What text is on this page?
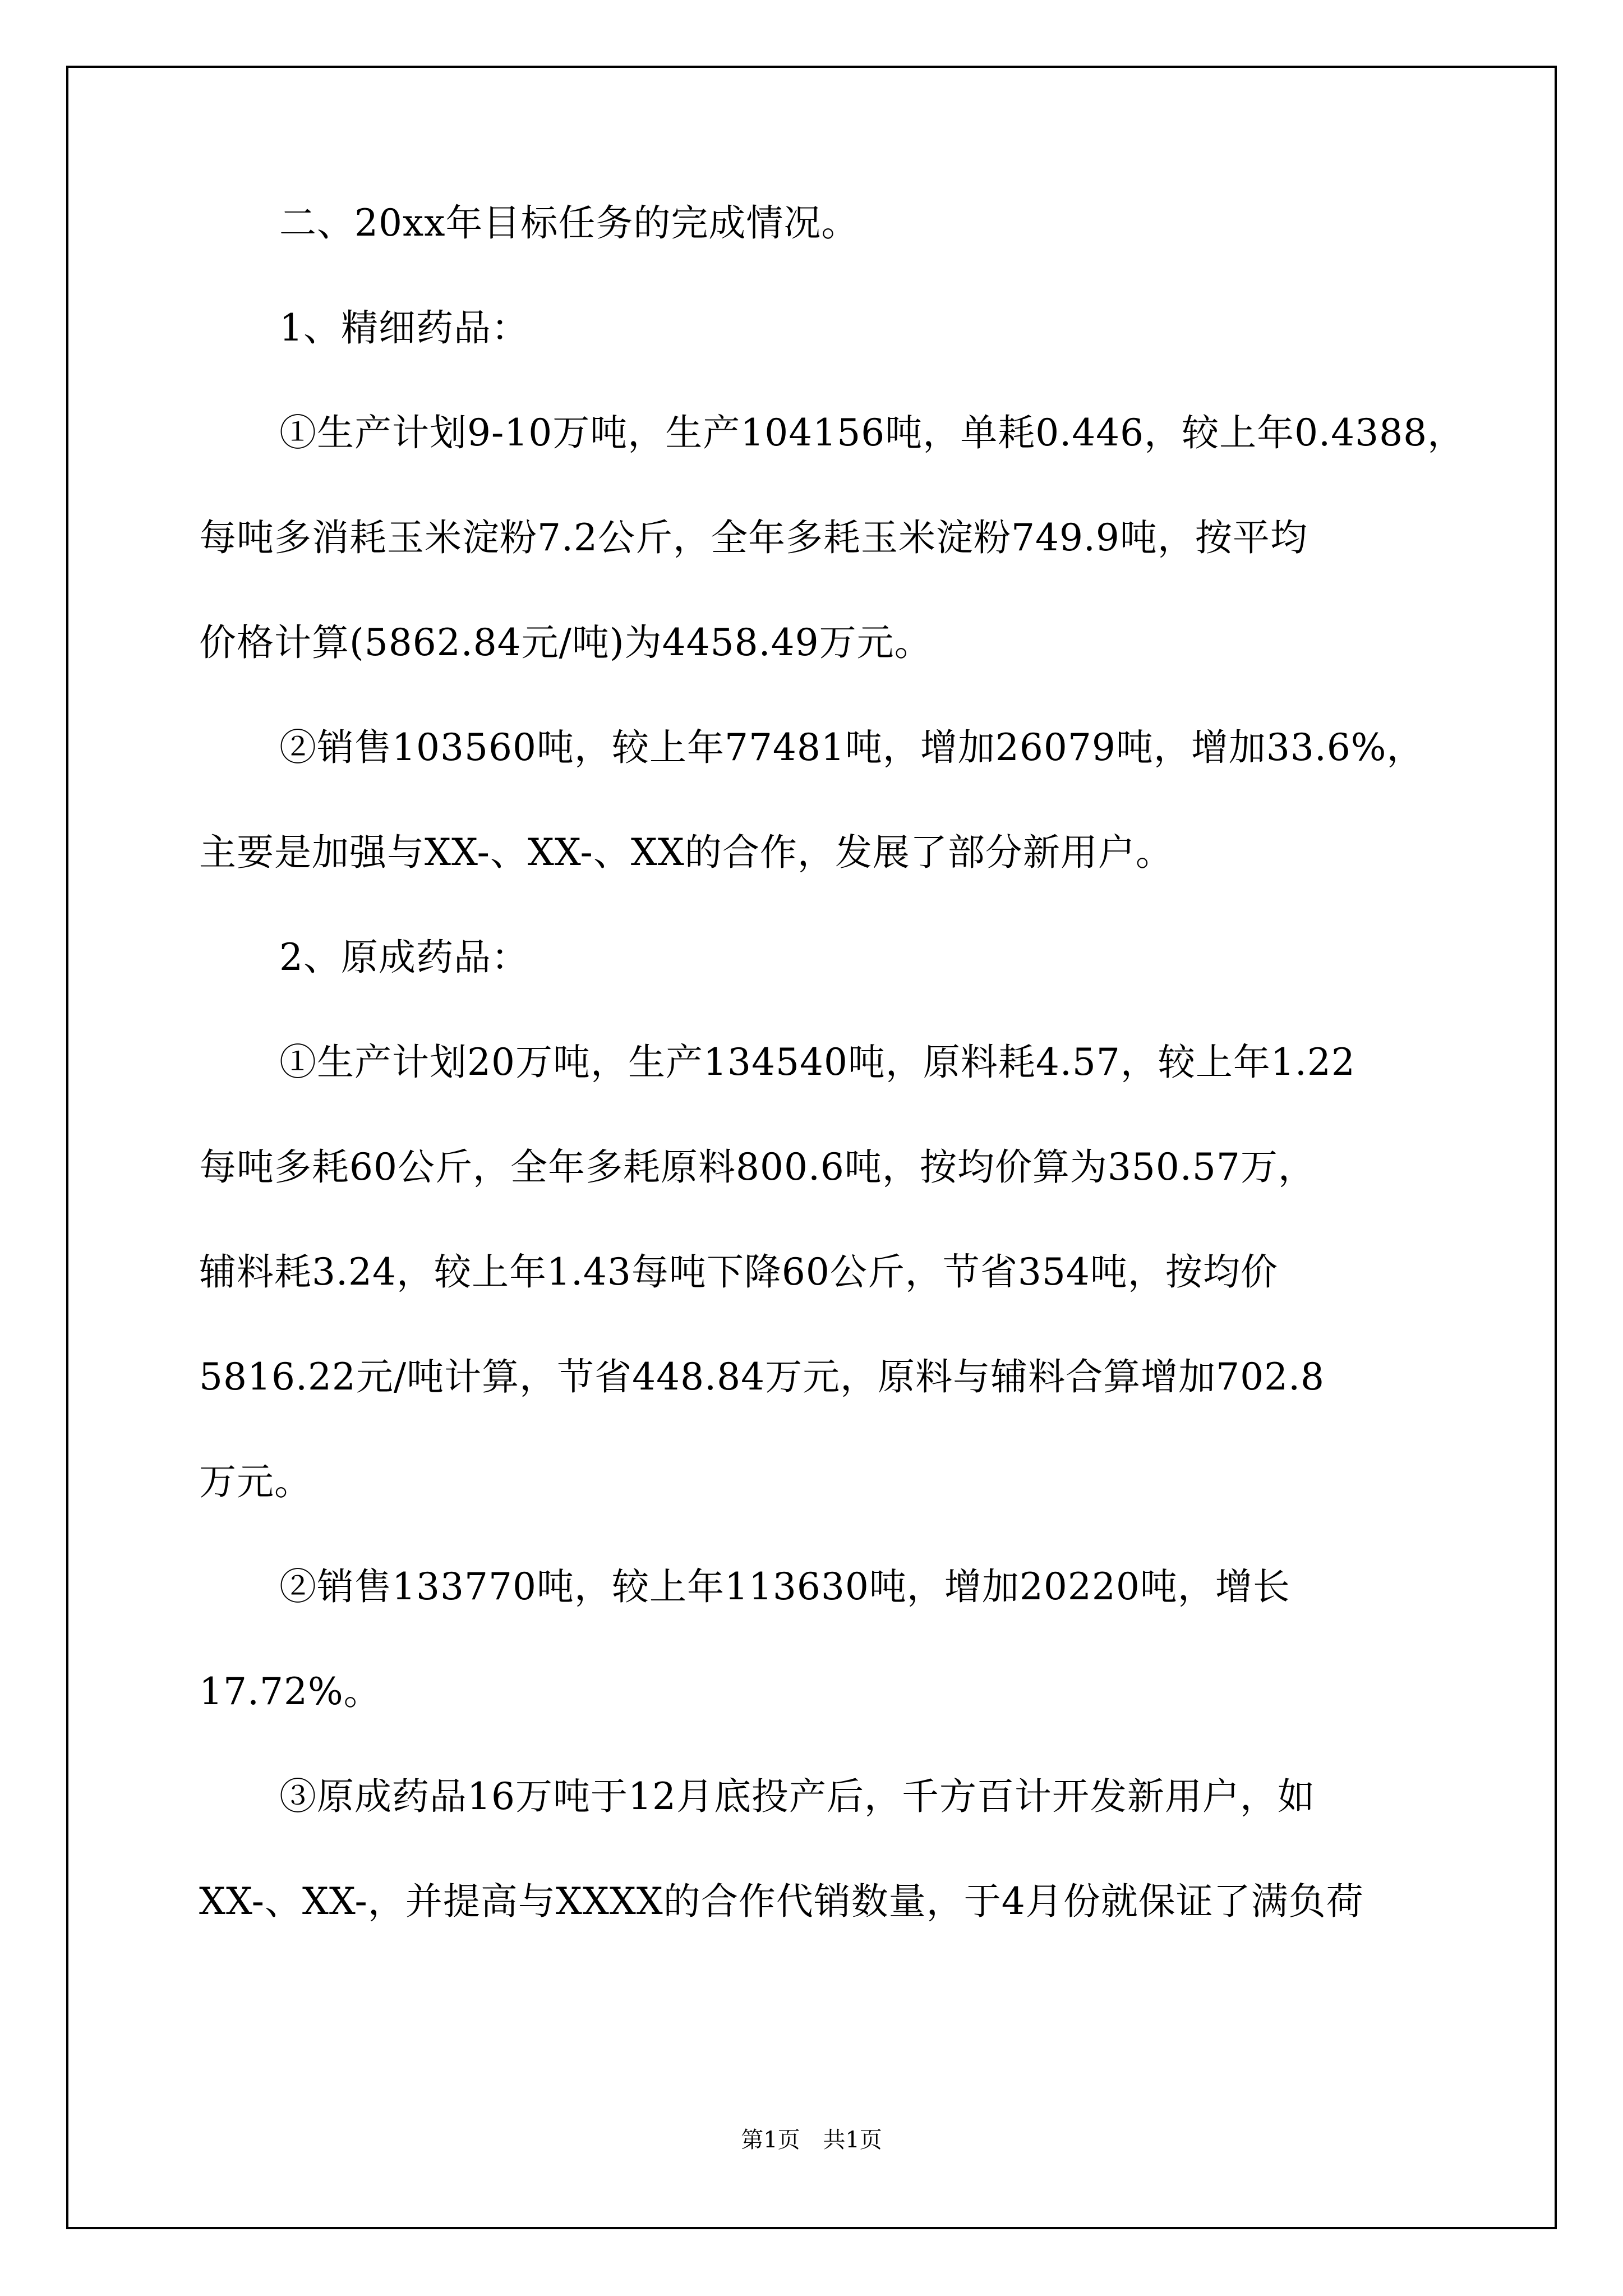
二、20xx年目标任务的完成情况。
1、精细药品：
①生产计划9-10万吨，生产104156吨，单耗0.446，较上年0.4388，
每吨多消耗玉米淀粉7.2公斤，全年多耗玉米淀粉749.9吨，按平均
价格计算(5862.84元/吨)为4458.49万元。
②销售103560吨，较上年77481吨，增加26079吨，增加33.6%，
主要是加强与XX-、XX-、XX的合作，发展了部分新用户。
2、原成药品：
①生产计划20万吨，生产134540吨，原料耗4.57，较上年1.22
每吨多耗60公斤，全年多耗原料800.6吨，按均价算为350.57万，
辅料耗3.24，较上年1.43每吨下降60公斤，节省354吨，按均价
5816.22元/吨计算，节省448.84万元，原料与辅料合算增加702.8
万元。
②销售133770吨，较上年113630吨，增加20220吨，增长
17.72%。
③原成药品16万吨于12月底投产后，千方百计开发新用户，如
XX-、XX-，并提高与XXXX的合作代销数量，于4月份就保证了满负荷
第1页 共1页
